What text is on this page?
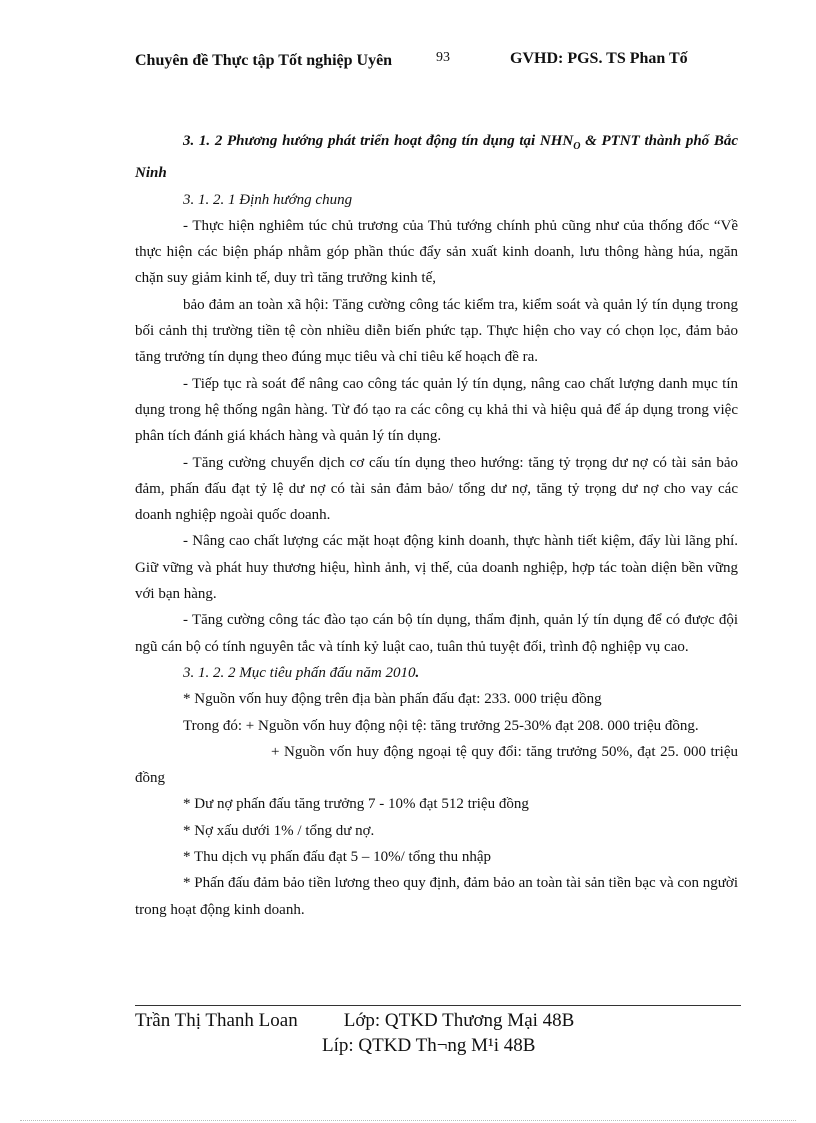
Chuyên đề Thực tập Tốt nghiệp Uyên	93	GVHD: PGS. TS Phan Tố

3. 1. 2 Phương hướng phát triển hoạt động tín dụng tại $NHN_O$ & PTNT thành phố Bắc Ninh

3. 1. 2. 1 Định hướng chung

- Thực hiện nghiêm túc chủ trương của Thủ tướng chính phủ cũng như của thống đốc “Về thực hiện các biện pháp nhằm góp phần thúc đẩy sản xuất kinh doanh, lưu thông hàng húa, ngăn chặn suy giảm kinh tế, duy trì tăng trưởng kinh tế,

bảo đảm an toàn xã hội: Tăng cường công tác kiểm tra, kiểm soát và quản lý tín dụng trong bối cảnh thị trường tiền tệ còn nhiều diễn biến phức tạp. Thực hiện cho vay có chọn lọc, đảm bảo tăng trưởng tín dụng theo đúng mục tiêu và chỉ tiêu kế hoạch đề ra.

- Tiếp tục rà soát để nâng cao công tác quản lý tín dụng, nâng cao chất lượng danh mục tín dụng trong hệ thống ngân hàng. Từ đó tạo ra các công cụ khả thi và hiệu quả để áp dụng trong việc phân tích đánh giá khách hàng và quản lý tín dụng.

- Tăng cường chuyển dịch cơ cấu tín dụng theo hướng: tăng tỷ trọng dư nợ có tài sản bảo đảm, phấn đấu đạt tỷ lệ dư nợ có tài sản đảm bảo/ tổng dư nợ, tăng tỷ trọng dư nợ cho vay các doanh nghiệp ngoài quốc doanh.

- Nâng cao chất lượng các mặt hoạt động kinh doanh, thực hành tiết kiệm, đẩy lùi lãng phí. Giữ vững và phát huy thương hiệu, hình ảnh, vị thế, của doanh nghiệp, hợp tác toàn diện bền vững với bạn hàng.

- Tăng cường công tác đào tạo cán bộ tín dụng, thẩm định, quản lý tín dụng để có được đội ngũ cán bộ có tính nguyên tắc và tính kỷ luật cao, tuân thủ tuyệt đối, trình độ nghiệp vụ cao.

3. 1. 2. 2 Mục tiêu phấn đấu năm 2010.

* Nguồn vốn huy động trên địa bàn phấn đấu đạt: 233. 000 triệu đồng

Trong đó: + Nguồn vốn huy động nội tệ: tăng trưởng 25-30% đạt 208. 000 triệu đồng.

+ Nguồn vốn huy động ngoại tệ quy đổi: tăng trưởng 50%, đạt 25. 000 triệu đồng

* Dư nợ phấn đấu tăng trưởng 7 - 10% đạt 512 triệu đồng

* Nợ xấu dưới 1% / tổng dư nợ.

* Thu dịch vụ phấn đấu đạt 5 – 10%/ tổng thu nhập

* Phấn đấu đảm bảo tiền lương theo quy định, đảm bảo an toàn tài sản tiền bạc và con người trong hoạt động kinh doanh.

Trần Thị Thanh Loan Lớp: QTKD Thương Mại 48B
Líp: QTKD Th¬ng M¹i 48B
